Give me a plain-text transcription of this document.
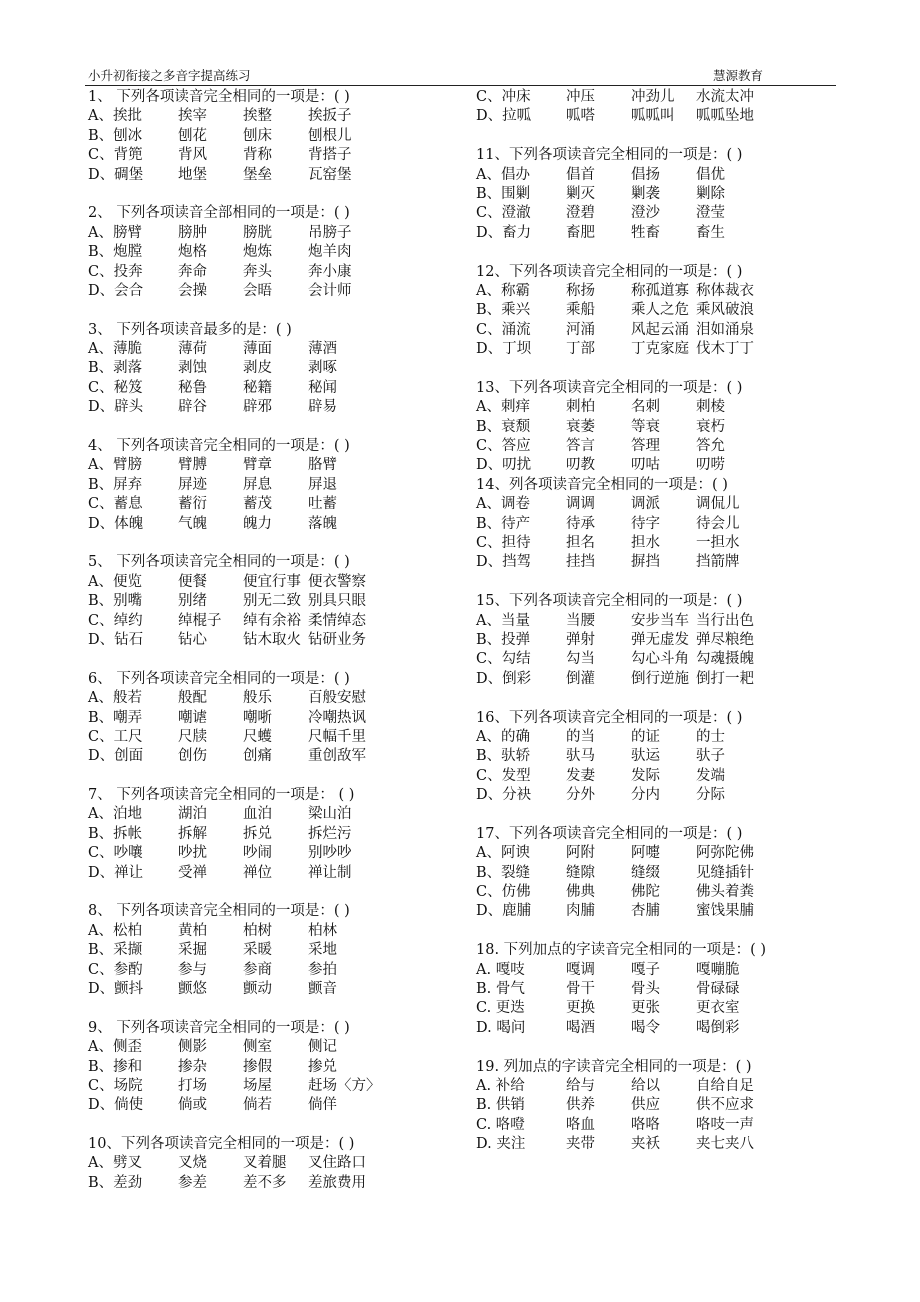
小升初衔接之多音字提高练习	慧源教育
1、 下列各项读音完全相同的一项是：( )
A、挨批 挨宰 挨整 挨扳子
B、刨冰 刨花 刨床 刨根儿
C、背篼 背风 背称 背搭子
D、碉堡 地堡 堡垒 瓦窑堡
2、 下列各项读音全部相同的一项是：( )
A、膀臂 膀肿 膀胱 吊膀子
B、炮膛 炮格 炮炼 炮羊肉
C、投奔 奔命 奔头 奔小康
D、会合 会操 会晤 会计师
3、 下列各项读音最多的是：( )
A、薄脆 薄荷 薄面 薄酒
B、剥落 剥蚀 剥皮 剥啄
C、秘笈 秘鲁 秘籍 秘闻
D、辟头 辟谷 辟邪 辟易
4、 下列各项读音完全相同的一项是：( )
A、臂膀 臂膊 臂章 胳臂
B、屏弃 屏迹 屏息 屏退
C、蓄息 蓄衍 蓄茂 吐蓄
D、体魄 气魄 魄力 落魄
5、 下列各项读音完全相同的一项是：( )
A、便览 便餐 便宜行事 便衣警察
B、别嘴 别绪 别无二致 别具只眼
C、绰约 绰棍子 绰有余裕 柔情绰态
D、钻石 钻心 钻木取火 钻研业务
6、 下列各项读音完全相同的一项是：( )
A、般若 般配 般乐 百般安慰
B、嘲弄 嘲谑 嘲哳 冷嘲热讽
C、工尺 尺牍 尺蠖 尺幅千里
D、创面 创伤 创痛 重创敌军
7、 下列各项读音完全相同的一项是： ( )
A、泊地 湖泊 血泊 梁山泊
B、拆帐 拆解 拆兑 拆烂污
C、吵嚷 吵扰 吵闹 别吵吵
D、禅让 受禅 禅位 禅让制
8、 下列各项读音完全相同的一项是：( )
A、松柏 黄柏 柏树 柏林
B、采撷 采掘 采暖 采地
C、参酌 参与 参商 参拍
D、颤抖 颤悠 颤动 颤音
9、 下列各项读音完全相同的一项是：( )
A、侧歪 侧影 侧室 侧记
B、掺和 掺杂 掺假 掺兑
C、场院 打场 场屋 赶场〈方〉
D、倘使 倘或 倘若 倘佯
10、下列各项读音完全相同的一项是：( )
A、劈叉 叉烧 叉着腿 叉住路口
B、差劲 参差 差不多 差旅费用
C、冲床 冲压 冲劲儿 水流太冲
D、拉呱 呱嗒 呱呱叫 呱呱坠地
11、下列各项读音完全相同的一项是：( )
A、倡办 倡首 倡扬 倡优
B、围剿 剿灭 剿袭 剿除
C、澄澈 澄碧 澄沙 澄莹
D、畜力 畜肥 牲畜 畜生
12、下列各项读音完全相同的一项是：( )
A、称霸 称扬 称孤道寡 称体裁衣
B、乘兴 乘船 乘人之危 乘风破浪
C、涌流 河涌 风起云涌 泪如涌泉
D、丁坝 丁部 丁克家庭 伐木丁丁
13、下列各项读音完全相同的一项是：( )
A、刺痒 刺柏 名刺 刺棱
B、衰颓 衰萎 等衰 衰朽
C、答应 答言 答理 答允
D、叨扰 叨教 叨咕 叨唠
14、列各项读音完全相同的一项是：( )
A、调卷 调调 调派 调侃儿
B、待产 待承 待字 待会儿
C、担待 担名 担水 一担水
D、挡驾 挂挡 摒挡 挡箭牌
15、下列各项读音完全相同的一项是：( )
A、当量 当腰 安步当车 当行出色
B、投弹 弹射 弹无虚发 弹尽粮绝
C、勾结 勾当 勾心斗角 勾魂摄魄
D、倒彩 倒灌 倒行逆施 倒打一耙
16、下列各项读音完全相同的一项是：( )
A、的确 的当 的证 的士
B、驮轿 驮马 驮运 驮子
C、发型 发妻 发际 发端
D、分袂 分外 分内 分际
17、下列各项读音完全相同的一项是：( )
A、阿谀 阿附 阿嚏 阿弥陀佛
B、裂缝 缝隙 缝缀 见缝插针
C、仿佛 佛典 佛陀 佛头着粪
D、鹿脯 肉脯 杏脯 蜜饯果脯
18. 下列加点的字读音完全相同的一项是：( )
A. 嘎吱	嘎调 嘎子 嘎嘣脆
B. 骨气	骨干 骨头 骨碌碌
C. 更迭	更换 更张 更衣室
D. 喝问	喝酒 喝令 喝倒彩
19. 列加点的字读音完全相同的一项是：( )
A. 补给	给与 给以 自给自足
B. 供销	供养 供应 供不应求
C. 咯噔	咯血 咯咯 咯吱一声
D. 夹注	夹带 夹袄 夹七夹八
